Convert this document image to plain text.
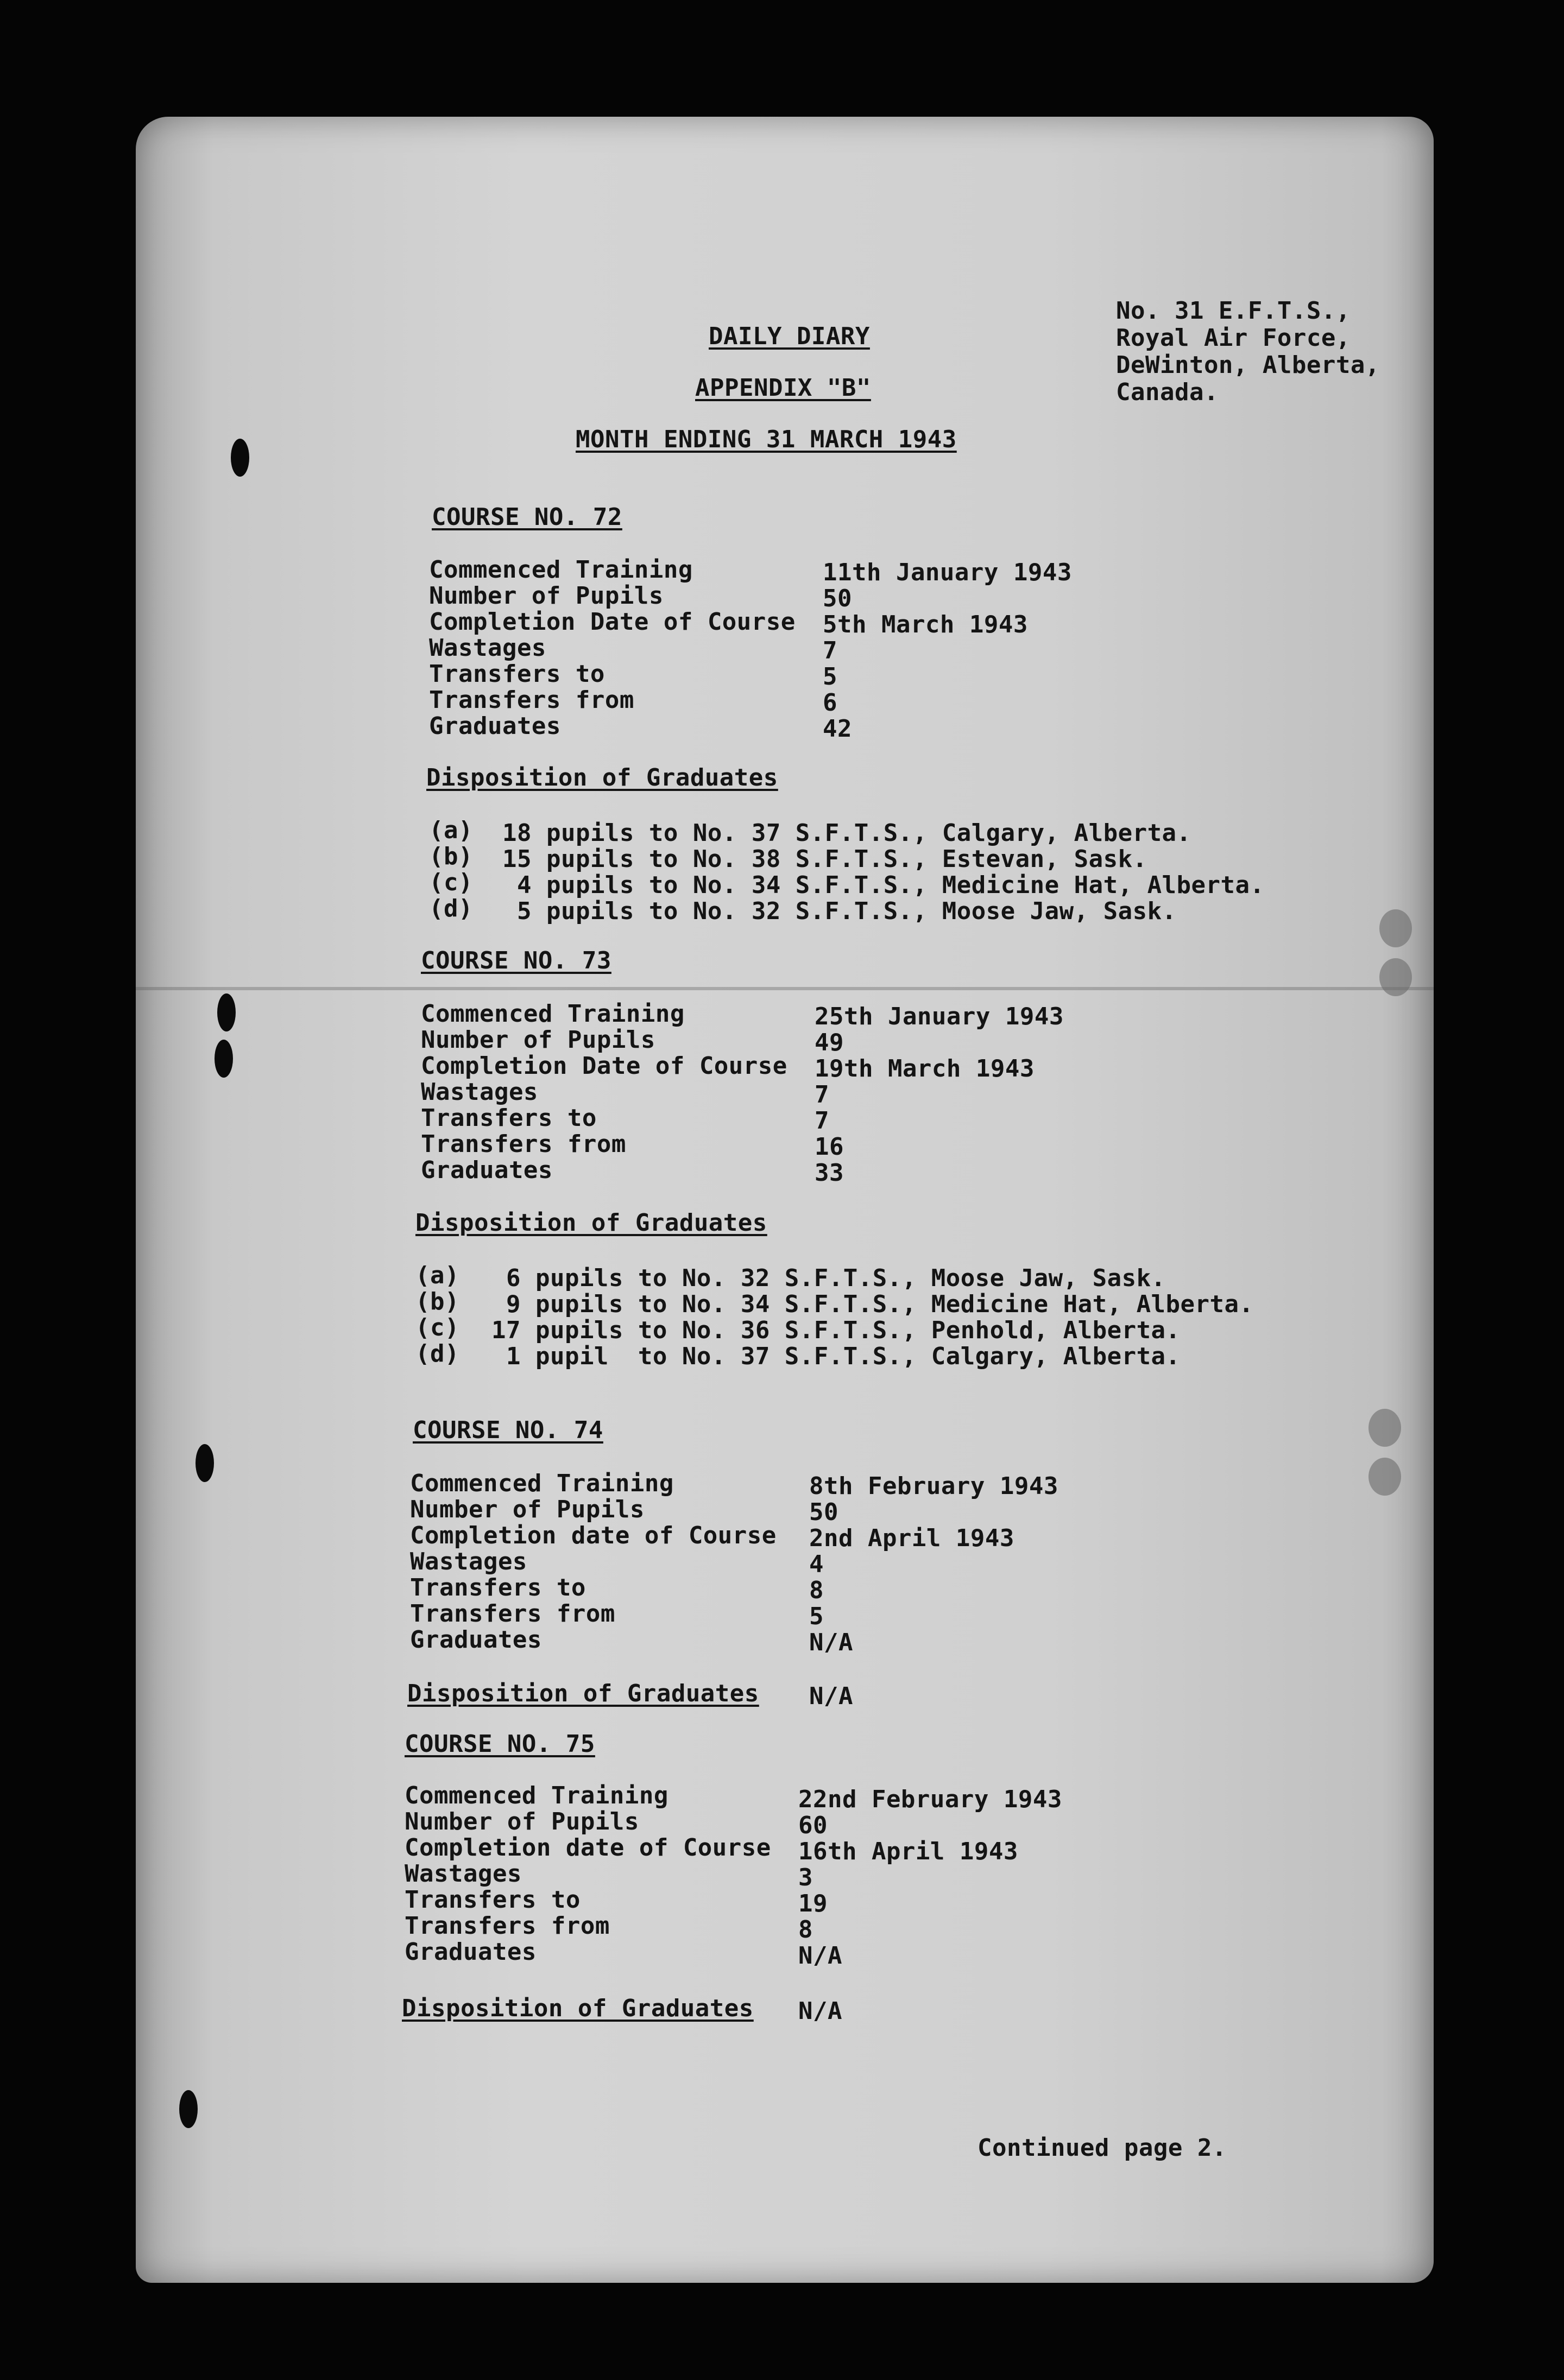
No. 31 E.F.T.S.,
Royal Air Force,
DeWinton, Alberta,
Canada.
DAILY DIARY
APPENDIX "B"
MONTH ENDING 31 MARCH 1943
COURSE NO. 72
Commenced Training
Number of Pupils
Completion Date of Course
Wastages
Transfers to
Transfers from
Graduates
11th January 1943
50
5th March 1943
7
5
6
42
Disposition of Graduates
(a) 18 pupils to No. 37 S.F.T.S., Calgary, Alberta.
(b) 15 pupils to No. 38 S.F.T.S., Estevan, Sask.
(c) 4 pupils to No. 34 S.F.T.S., Medicine Hat, Alberta.
(d) 5 pupils to No. 32 S.F.T.S., Moose Jaw, Sask.
COURSE NO. 73
Commenced Training
Number of Pupils
Completion Date of Course
Wastages
Transfers to
Transfers from
Graduates
25th January 1943
49
19th March 1943
7
7
16
33
Disposition of Graduates
(a) 6 pupils to No. 32 S.F.T.S., Moose Jaw, Sask.
(b) 9 pupils to No. 34 S.F.T.S., Medicine Hat, Alberta.
(c) 17 pupils to No. 36 S.F.T.S., Penhold, Alberta.
(d) 1 pupil  to No. 37 S.F.T.S., Calgary, Alberta.
COURSE NO. 74
Commenced Training
Number of Pupils
Completion date of Course
Wastages
Transfers to
Transfers from
Graduates
8th February 1943
50
2nd April 1943
4
8
5
N/A
Disposition of Graduates N/A
COURSE NO. 75
Commenced Training
Number of Pupils
Completion date of Course
Wastages
Transfers to
Transfers from
Graduates
22nd February 1943
60
16th April 1943
3
19
8
N/A
Disposition of Graduates N/A
Continued page 2.
